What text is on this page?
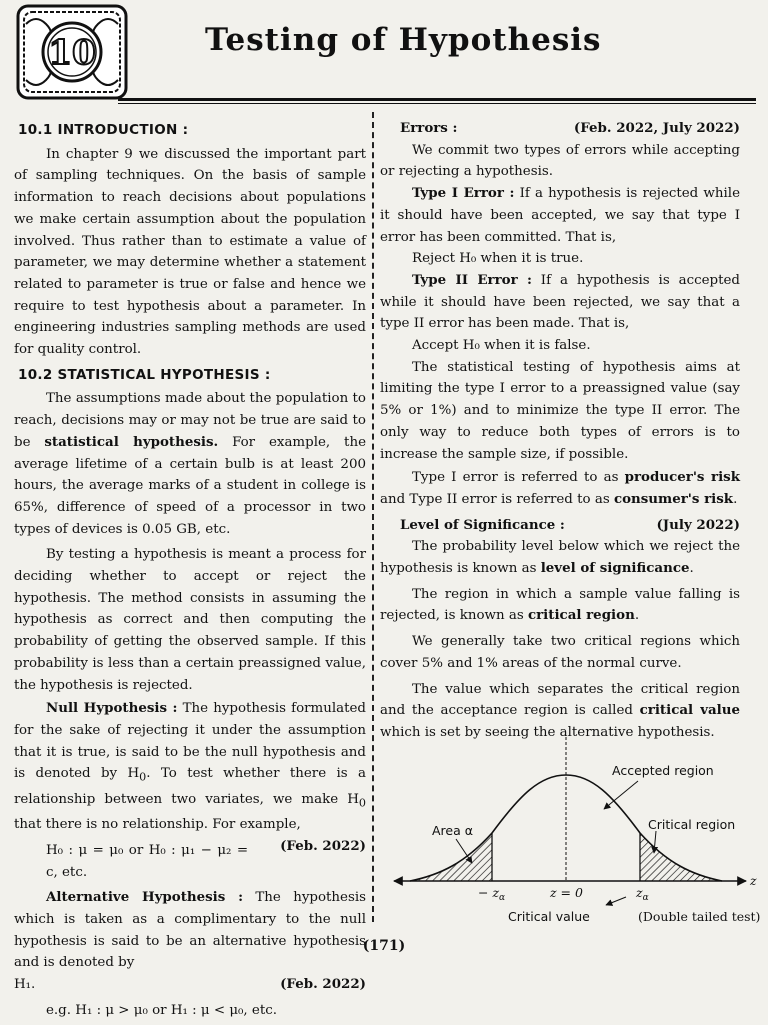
10	Testing of Hypothesis
10.1 INTRODUCTION :

In chapter 9 we discussed the important part of sampling techniques. On the basis of sample information to reach decisions about populations we make certain assumption about the population involved. Thus rather than to estimate a value of parameter, we may determine whether a statement related to parameter is true or false and hence we require to test hypothesis about a parameter. In engineering industries sampling methods are used for quality control.

10.2 STATISTICAL HYPOTHESIS :

The assumptions made about the population to reach, decisions may or may not be true are said to be statistical hypothesis. For example, the average lifetime of a certain bulb is at least 200 hours, the average marks of a student in college is 65%, difference of speed of a processor in two types of devices is 0.05 GB, etc.

By testing a hypothesis is meant a process for deciding whether to accept or reject the hypothesis. The method consists in assuming the hypothesis as correct and then computing the probability of getting the observed sample. If this probability is less than a certain preassigned value, the hypothesis is rejected.

Null Hypothesis : The hypothesis formulated for the sake of rejecting it under the assumption that it is true, is said to be the null hypothesis and is denoted by $H_0$. To test whether there is a relationship between two variates, we make $H_0$ that there is no relationship. For example,
(Feb. 2022)

H₀ : μ = μ₀ or H₀ : μ₁ − μ₂ = c, etc.

Alternative Hypothesis : The hypothesis which is taken as a complimentary to the null hypothesis is said to be an alternative hypothesis and is denoted by

H₁.	(Feb. 2022)

e.g. H₁ : μ > μ₀ or H₁ : μ < μ₀, etc.

Errors :	(Feb. 2022, July 2022)

We commit two types of errors while accepting or rejecting a hypothesis.

Type I Error : If a hypothesis is rejected while it should have been accepted, we say that type I error has been committed. That is,

Reject H₀ when it is true.

Type II Error : If a hypothesis is accepted while it should have been rejected, we say that a type II error has been made. That is,

Accept H₀ when it is false.

The statistical testing of hypothesis aims at limiting the type I error to a preassigned value (say 5% or 1%) and to minimize the type II error. The only way to reduce both types of errors is to increase the sample size, if possible.

Type I error is referred to as producer's risk and Type II error is referred to as consumer's risk.

Level of Significance :	(July 2022)

The probability level below which we reject the hypothesis is known as level of significance.

The region in which a sample value falling is rejected, is known as critical region.

We generally take two critical regions which cover 5% and 1% areas of the normal curve.

The value which separates the critical region and the acceptance region is called critical value which is set by seeing the alternative hypothesis.

Accepted region
Critical region
Area α
− $z_\alpha$	z = 0	$z_\alpha$
z
Critical value	(Double tailed test)
(171)
